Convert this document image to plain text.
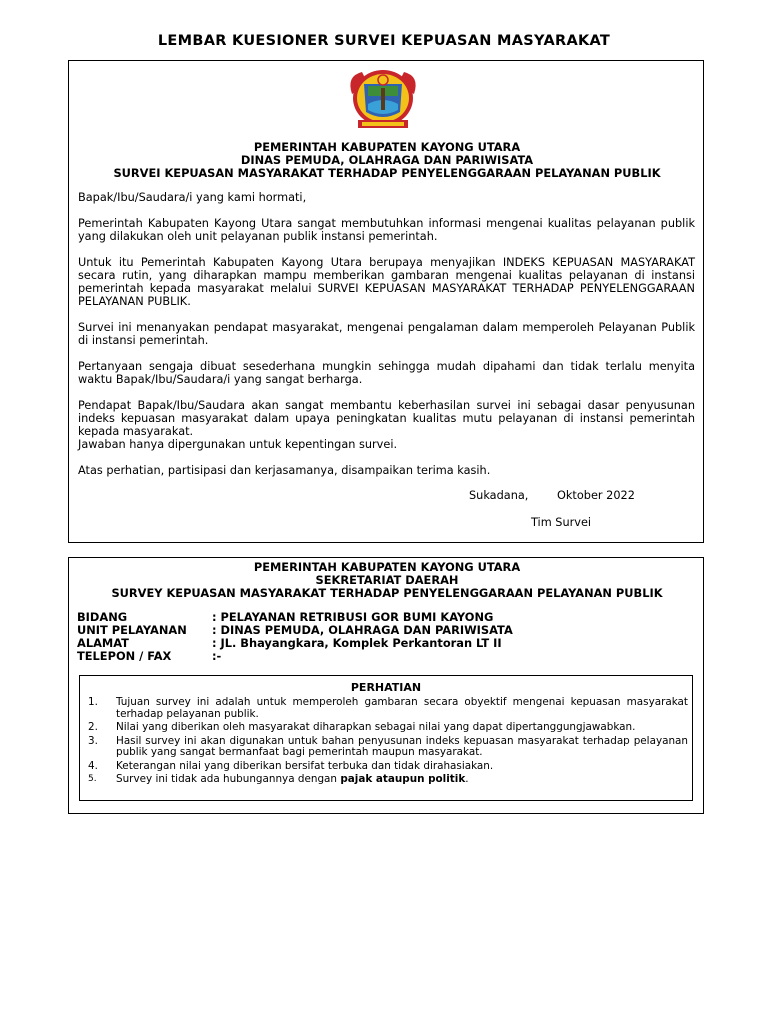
LEMBAR KUESIONER SURVEI KEPUASAN MASYARAKAT
PEMERINTAH KABUPATEN KAYONG UTARA
DINAS PEMUDA, OLAHRAGA DAN PARIWISATA
SURVEI KEPUASAN MASYARAKAT TERHADAP PENYELENGGARAAN PELAYANAN PUBLIK

Bapak/Ibu/Saudara/i yang kami hormati,

Pemerintah Kabupaten Kayong Utara sangat membutuhkan informasi mengenai kualitas pelayanan publik yang dilakukan oleh unit pelayanan publik instansi pemerintah.

Untuk itu Pemerintah Kabupaten Kayong Utara berupaya menyajikan INDEKS KEPUASAN MASYARAKAT secara rutin, yang diharapkan mampu memberikan gambaran mengenai kualitas pelayanan di instansi pemerintah kepada masyarakat melalui SURVEI KEPUASAN MASYARAKAT TERHADAP PENYELENGGARAAN PELAYANAN PUBLIK.

Survei ini menanyakan pendapat masyarakat, mengenai pengalaman dalam memperoleh Pelayanan Publik di instansi pemerintah.

Pertanyaan sengaja dibuat sesederhana mungkin sehingga mudah dipahami dan tidak terlalu menyita waktu Bapak/Ibu/Saudara/i yang sangat berharga.

Pendapat Bapak/Ibu/Saudara akan sangat membantu keberhasilan survei ini sebagai dasar penyusunan indeks kepuasan masyarakat dalam upaya peningkatan kualitas mutu pelayanan di instansi pemerintah kepada masyarakat.

Jawaban hanya dipergunakan untuk kepentingan survei.

Atas perhatian, partisipasi dan kerjasamanya, disampaikan terima kasih.

Sukadana,	Oktober 2022
Tim Survei
PEMERINTAH KABUPATEN KAYONG UTARA
SEKRETARIAT DAERAH
SURVEY KEPUASAN MASYARAKAT TERHADAP PENYELENGGARAAN PELAYANAN PUBLIK
BIDANG	: PELAYANAN RETRIBUSI GOR BUMI KAYONG
UNIT PELAYANAN	: DINAS PEMUDA, OLAHRAGA DAN PARIWISATA
ALAMAT	: JL. Bhayangkara, Komplek Perkantoran LT II
TELEPON / FAX	:-
PERHATIAN
1.	Tujuan survey ini adalah untuk memperoleh gambaran secara obyektif mengenai kepuasan masyarakat terhadap pelayanan publik.
2.	Nilai yang diberikan oleh masyarakat diharapkan sebagai nilai yang dapat dipertanggungjawabkan.
3.	Hasil survey ini akan digunakan untuk bahan penyusunan indeks kepuasan masyarakat terhadap pelayanan publik yang sangat bermanfaat bagi pemerintah maupun masyarakat.
4.	Keterangan nilai yang diberikan bersifat terbuka dan tidak dirahasiakan.
5.	Survey ini tidak ada hubungannya dengan pajak ataupun politik.
